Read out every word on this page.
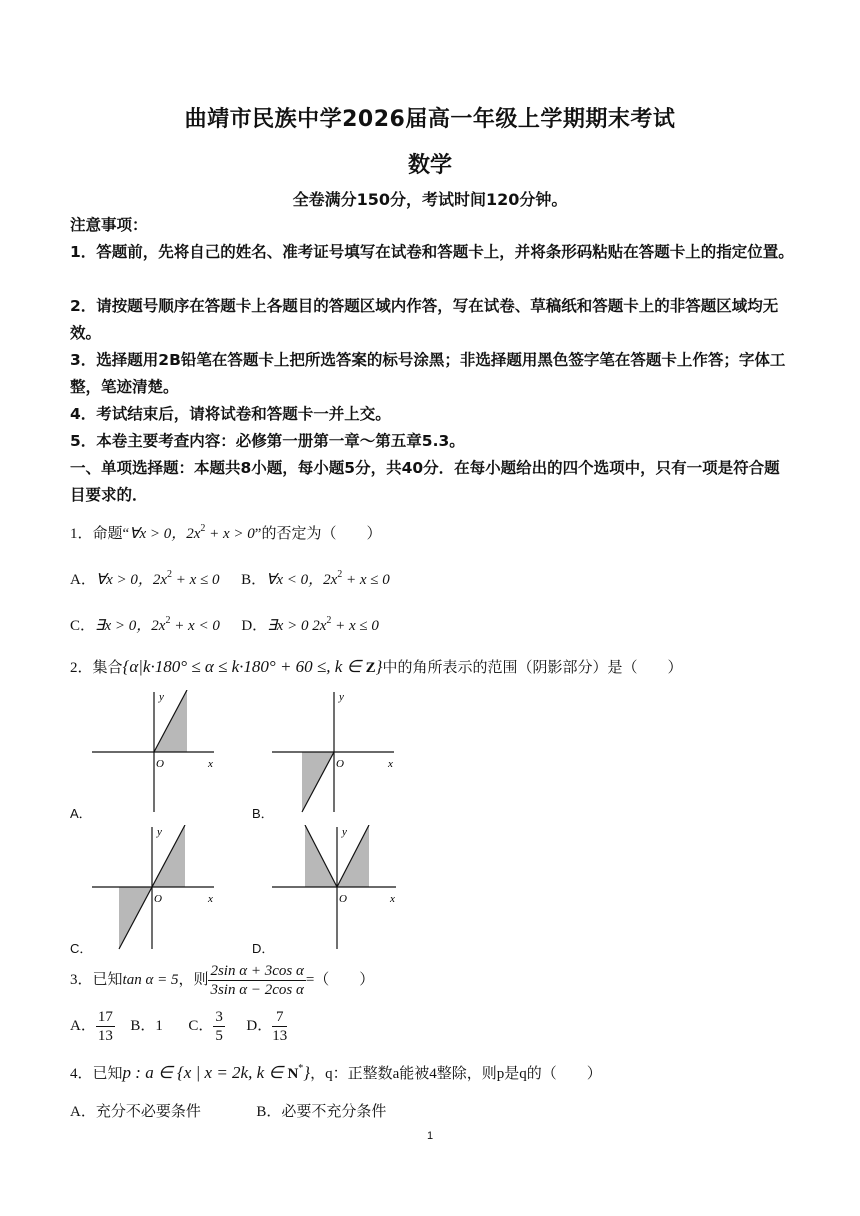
曲靖市民族中学2026届高一年级上学期期末考试
数学
全卷满分150分，考试时间120分钟。
注意事项：
1．答题前，先将自己的姓名、准考证号填写在试卷和答题卡上，并将条形码粘贴在答题卡上的指定位置。
2．请按题号顺序在答题卡上各题目的答题区域内作答，写在试卷、草稿纸和答题卡上的非答题区域均无效。
3．选择题用2B铅笔在答题卡上把所选答案的标号涂黑；非选择题用黑色签字笔在答题卡上作答；字体工整，笔迹清楚。
4．考试结束后，请将试卷和答题卡一并上交。
5．本卷主要考查内容：必修第一册第一章～第五章5.3。
一、单项选择题：本题共8小题，每小题5分，共40分．在每小题给出的四个选项中，只有一项是符合题目要求的．
1．命题“∀x > 0，$2x^2 + x > 0$”的否定为（　　）
A．∀x > 0，$2x^2 + x \le 0$ B．∀x < 0，$2x^2 + x \le 0$
C．∃x > 0，$2x^2 + x < 0$ D．∃x > 0 $2x^2 + x \le 0$
2．集合{α|k·180° ≤ α ≤ k·180° + 60 ≤, k ∈ Z}中的角所表示的范围（阴影部分）是（　　）
y
x
O
A．
y
x
O
B．
y
x
O
C．
y
x
O
D．
3．已知tan α = 5，则 $\frac{\text{2sin α + 3cos α}}{\text{3sin α − 2cos α}}$ =（　　）
A． $\frac{17}{13}$ B．1 C． $\frac{3}{5}$ D． $\frac{7}{13}$
4．已知p : a ∈ {x | x = 2k, k ∈ N*}，q：正整数a能被4整除，则p是q的（　　）
A．充分不必要条件	B．必要不充分条件
1
